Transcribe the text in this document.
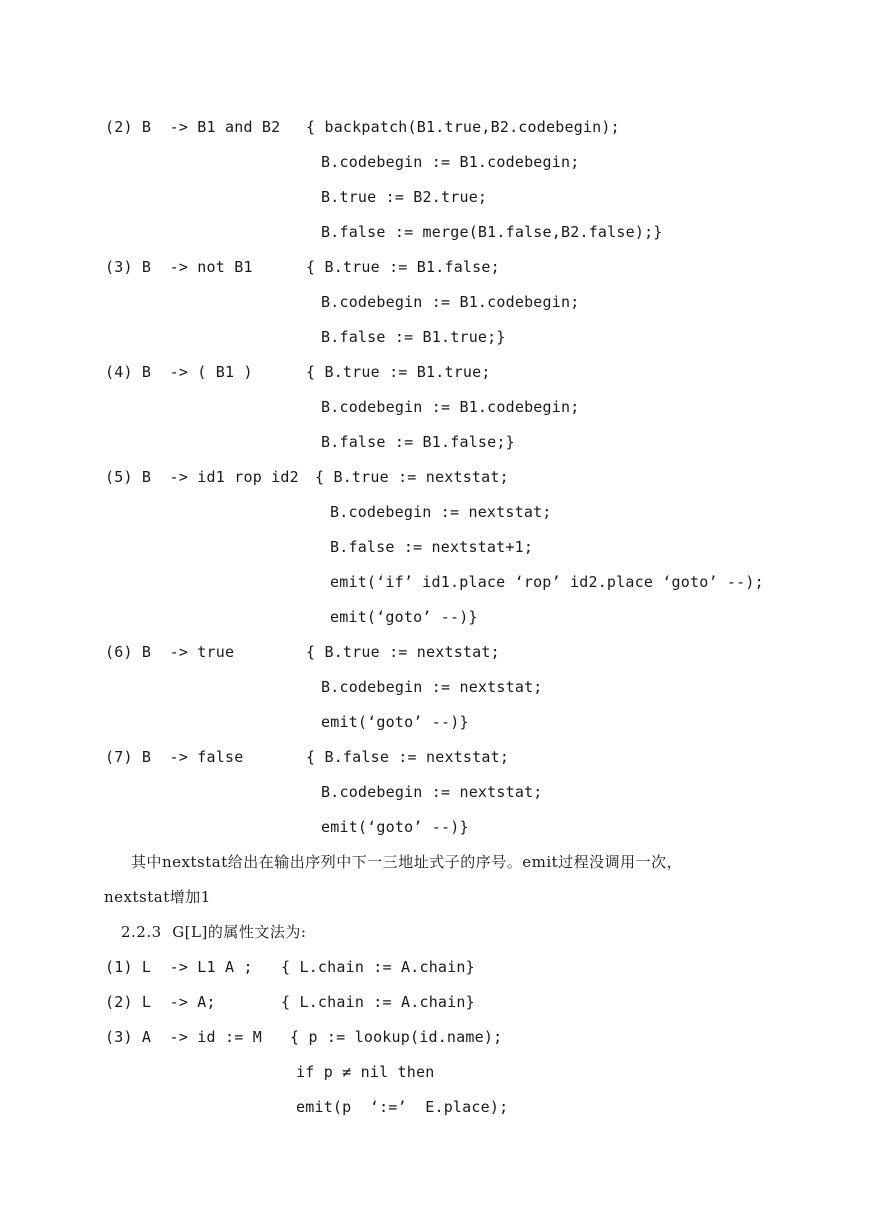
(2) B  -> B1 and B2 { backpatch(B1.true,B2.codebegin);
B.codebegin := B1.codebegin;
B.true := B2.true;
B.false := merge(B1.false,B2.false);}
(3) B  -> not B1	{ B.true := B1.false;
B.codebegin := B1.codebegin;
B.false := B1.true;}
(4) B  -> ( B1 )	{ B.true := B1.true;
B.codebegin := B1.codebegin;
B.false := B1.false;}
(5) B  -> id1 rop id2 { B.true := nextstat;
B.codebegin := nextstat;
B.false := nextstat+1;
emit(‘if’ id1.place ‘rop’ id2.place ‘goto’ --);
emit(‘goto’ --)}
(6) B  -> true	{ B.true := nextstat;
B.codebegin := nextstat;
emit(‘goto’ --)}
(7) B  -> false	{ B.false := nextstat;
B.codebegin := nextstat;
emit(‘goto’ --)}
其中nextstat给出在输出序列中下一三地址式子的序号。emit过程没调用一次，
nextstat增加1
2.2.3  G[L]的属性文法为:
(1) L  -> L1 A ; { L.chain := A.chain}
(2) L  -> A;	{ L.chain := A.chain}
(3) A  -> id := M { p := lookup(id.name);
if p ≠ nil then
emit(p  ‘:=’  E.place);
